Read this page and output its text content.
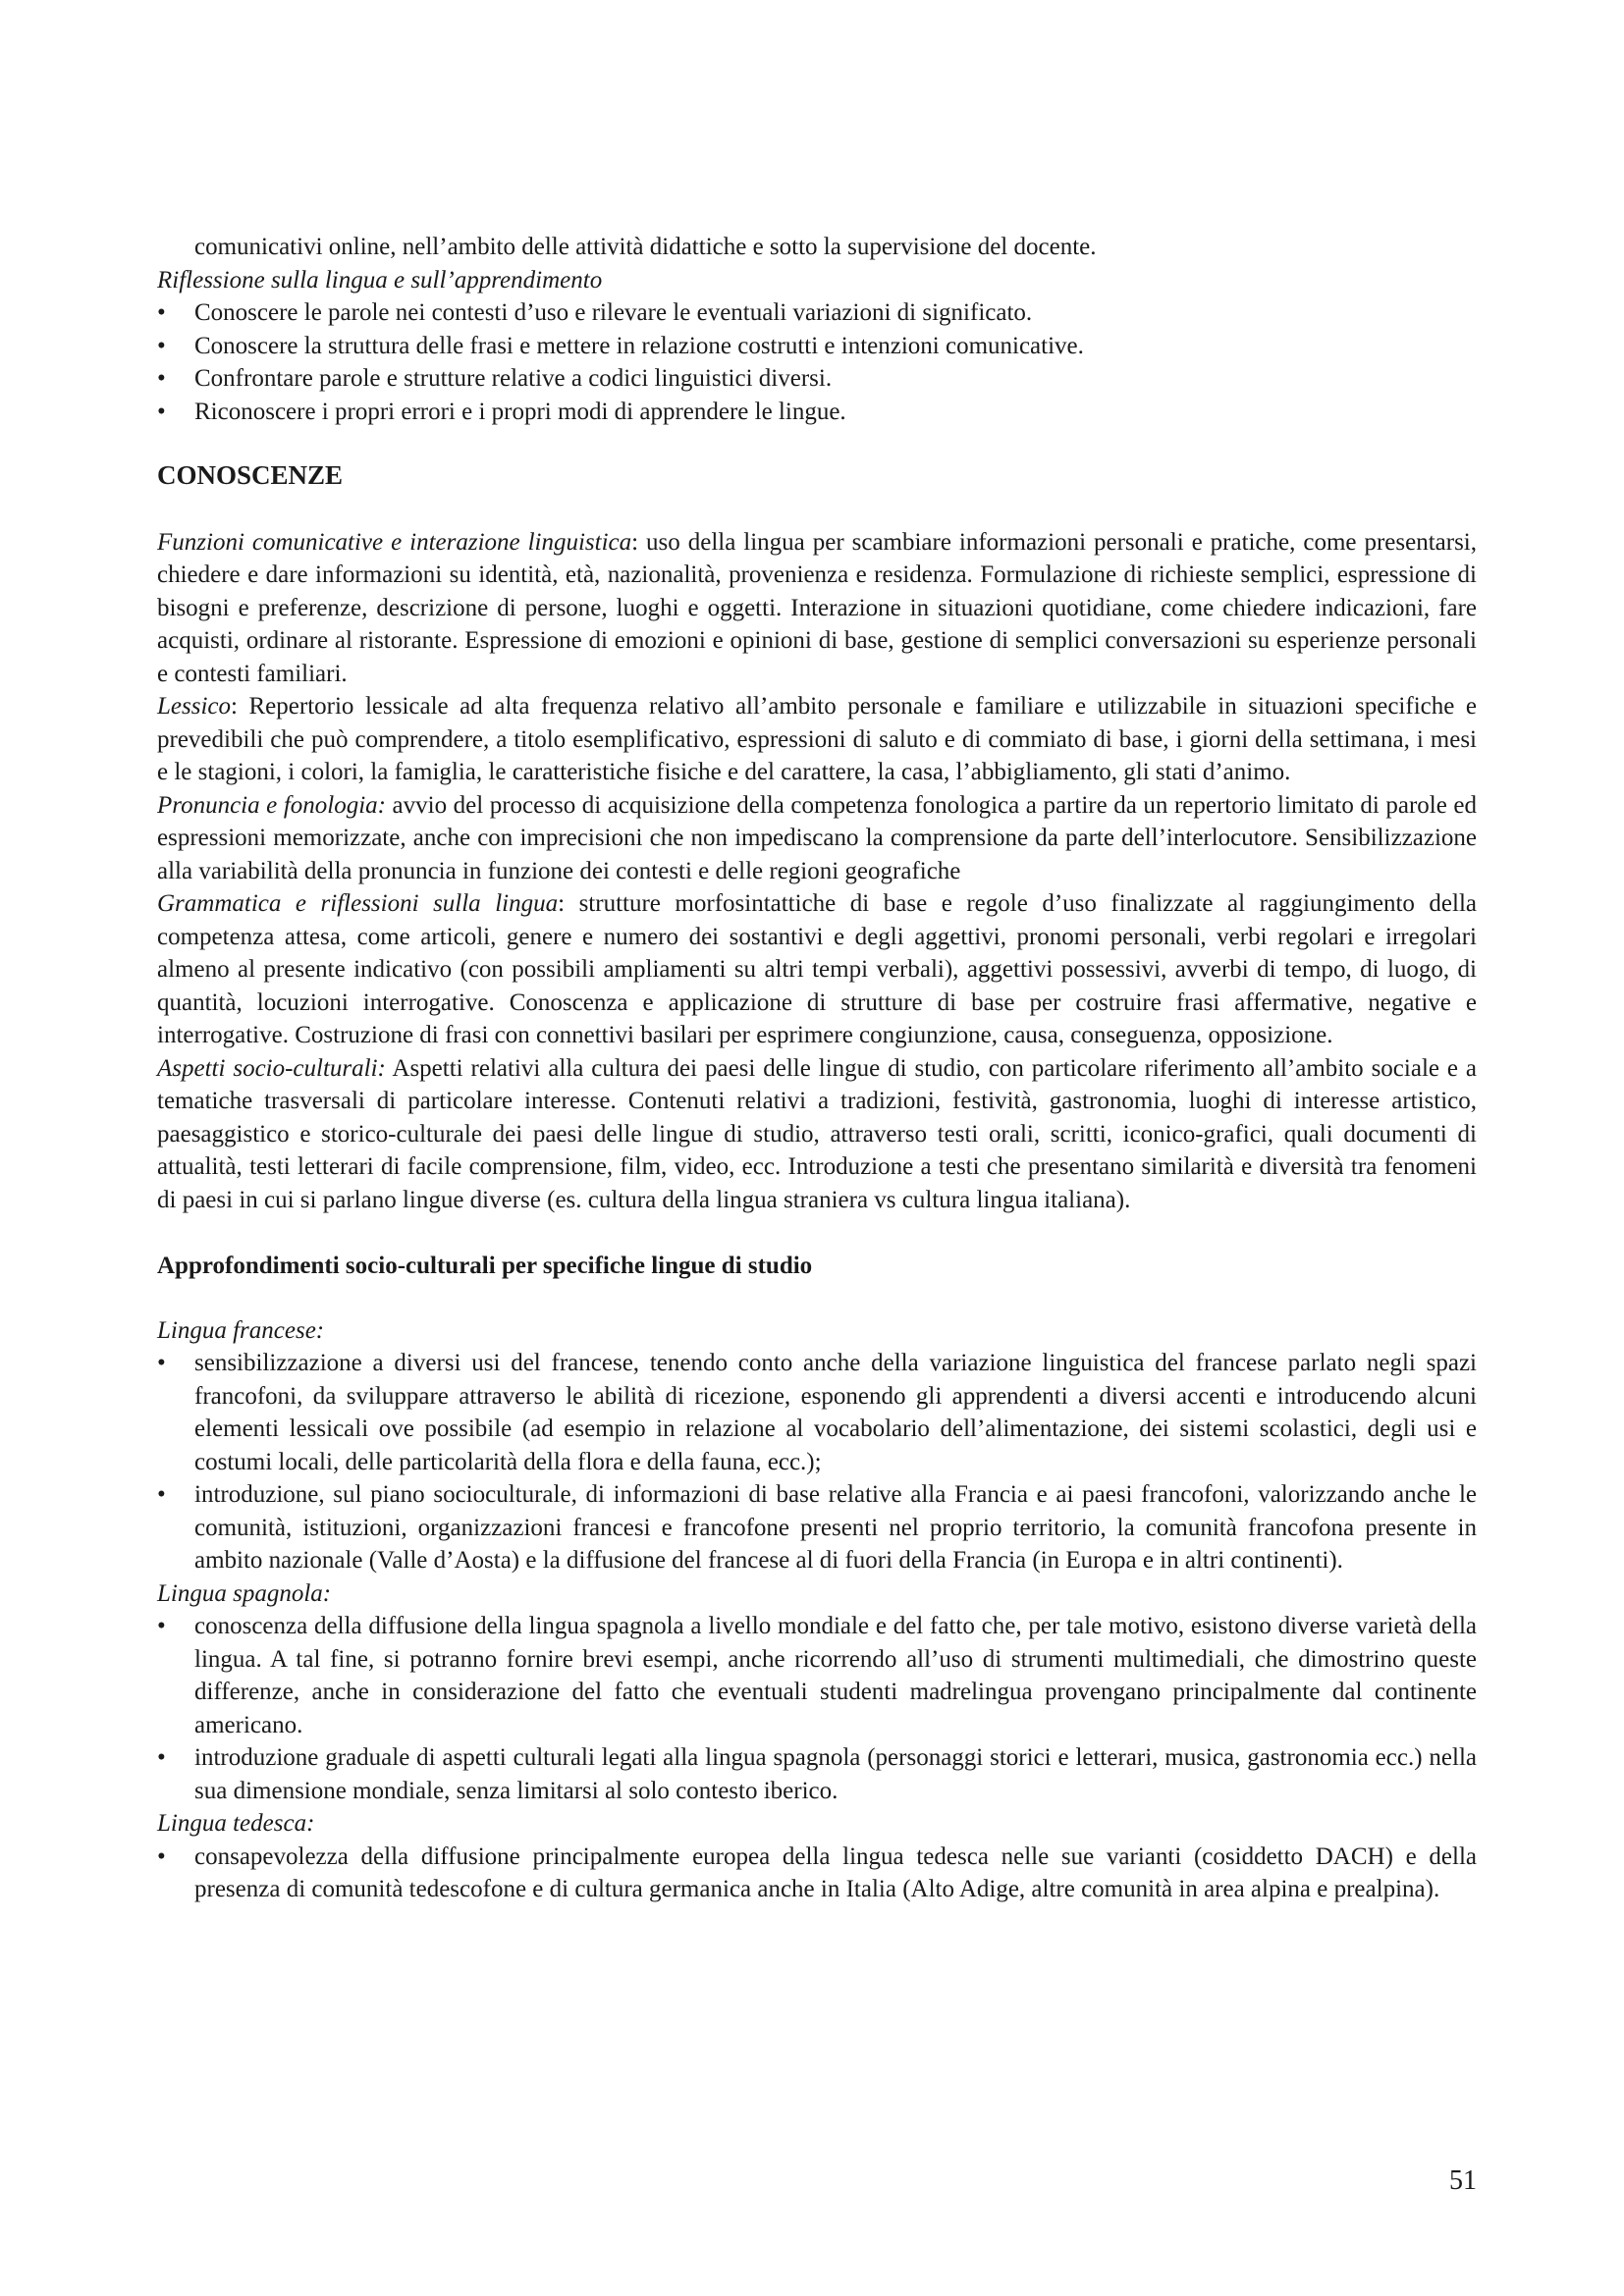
comunicativi online, nell’ambito delle attività didattiche e sotto la supervisione del docente.
Riflessione sulla lingua e sull’apprendimento
• Conoscere le parole nei contesti d’uso e rilevare le eventuali variazioni di significato.
• Conoscere la struttura delle frasi e mettere in relazione costrutti e intenzioni comunicative.
• Confrontare parole e strutture relative a codici linguistici diversi.
• Riconoscere i propri errori e i propri modi di apprendere le lingue.
CONOSCENZE

Funzioni comunicative e interazione linguistica: uso della lingua per scambiare informazioni personali e pratiche, come presentarsi, chiedere e dare informazioni su identità, età, nazionalità, provenienza e residenza. Formulazione di richieste semplici, espressione di bisogni e preferenze, descrizione di persone, luoghi e oggetti. Interazione in situazioni quotidiane, come chiedere indicazioni, fare acquisti, ordinare al ristorante. Espressione di emozioni e opinioni di base, gestione di semplici conversazioni su esperienze personali e contesti familiari.

Lessico: Repertorio lessicale ad alta frequenza relativo all’ambito personale e familiare e utilizzabile in situazioni specifiche e prevedibili che può comprendere, a titolo esemplificativo, espressioni di saluto e di commiato di base, i giorni della settimana, i mesi e le stagioni, i colori, la famiglia, le caratteristiche fisiche e del carattere, la casa, l’abbigliamento, gli stati d’animo.

Pronuncia e fonologia: avvio del processo di acquisizione della competenza fonologica a partire da un repertorio limitato di parole ed espressioni memorizzate, anche con imprecisioni che non impediscano la comprensione da parte dell’interlocutore. Sensibilizzazione alla variabilità della pronuncia in funzione dei contesti e delle regioni geografiche

Grammatica e riflessioni sulla lingua: strutture morfosintattiche di base e regole d’uso finalizzate al raggiungimento della competenza attesa, come articoli, genere e numero dei sostantivi e degli aggettivi, pronomi personali, verbi regolari e irregolari almeno al presente indicativo (con possibili ampliamenti su altri tempi verbali), aggettivi possessivi, avverbi di tempo, di luogo, di quantità, locuzioni interrogative. Conoscenza e applicazione di strutture di base per costruire frasi affermative, negative e interrogative. Costruzione di frasi con connettivi basilari per esprimere congiunzione, causa, conseguenza, opposizione.

Aspetti socio-culturali: Aspetti relativi alla cultura dei paesi delle lingue di studio, con particolare riferimento all’ambito sociale e a tematiche trasversali di particolare interesse. Contenuti relativi a tradizioni, festività, gastronomia, luoghi di interesse artistico, paesaggistico e storico-culturale dei paesi delle lingue di studio, attraverso testi orali, scritti, iconico-grafici, quali documenti di attualità, testi letterari di facile comprensione, film, video, ecc. Introduzione a testi che presentano similarità e diversità tra fenomeni di paesi in cui si parlano lingue diverse (es. cultura della lingua straniera vs cultura lingua italiana).

Approfondimenti socio-culturali per specifiche lingue di studio
Lingua francese:
• sensibilizzazione a diversi usi del francese, tenendo conto anche della variazione linguistica del francese parlato negli spazi francofoni, da sviluppare attraverso le abilità di ricezione, esponendo gli apprendenti a diversi accenti e introducendo alcuni elementi lessicali ove possibile (ad esempio in relazione al vocabolario dell’alimentazione, dei sistemi scolastici, degli usi e costumi locali, delle particolarità della flora e della fauna, ecc.);
• introduzione, sul piano socioculturale, di informazioni di base relative alla Francia e ai paesi francofoni, valorizzando anche le comunità, istituzioni, organizzazioni francesi e francofone presenti nel proprio territorio, la comunità francofona presente in ambito nazionale (Valle d’Aosta) e la diffusione del francese al di fuori della Francia (in Europa e in altri continenti).
Lingua spagnola:
• conoscenza della diffusione della lingua spagnola a livello mondiale e del fatto che, per tale motivo, esistono diverse varietà della lingua. A tal fine, si potranno fornire brevi esempi, anche ricorrendo all’uso di strumenti multimediali, che dimostrino queste differenze, anche in considerazione del fatto che eventuali studenti madrelingua provengano principalmente dal continente americano.
• introduzione graduale di aspetti culturali legati alla lingua spagnola (personaggi storici e letterari, musica, gastronomia ecc.) nella sua dimensione mondiale, senza limitarsi al solo contesto iberico.
Lingua tedesca:
• consapevolezza della diffusione principalmente europea della lingua tedesca nelle sue varianti (cosiddetto DACH) e della presenza di comunità tedescofone e di cultura germanica anche in Italia (Alto Adige, altre comunità in area alpina e prealpina).
51
